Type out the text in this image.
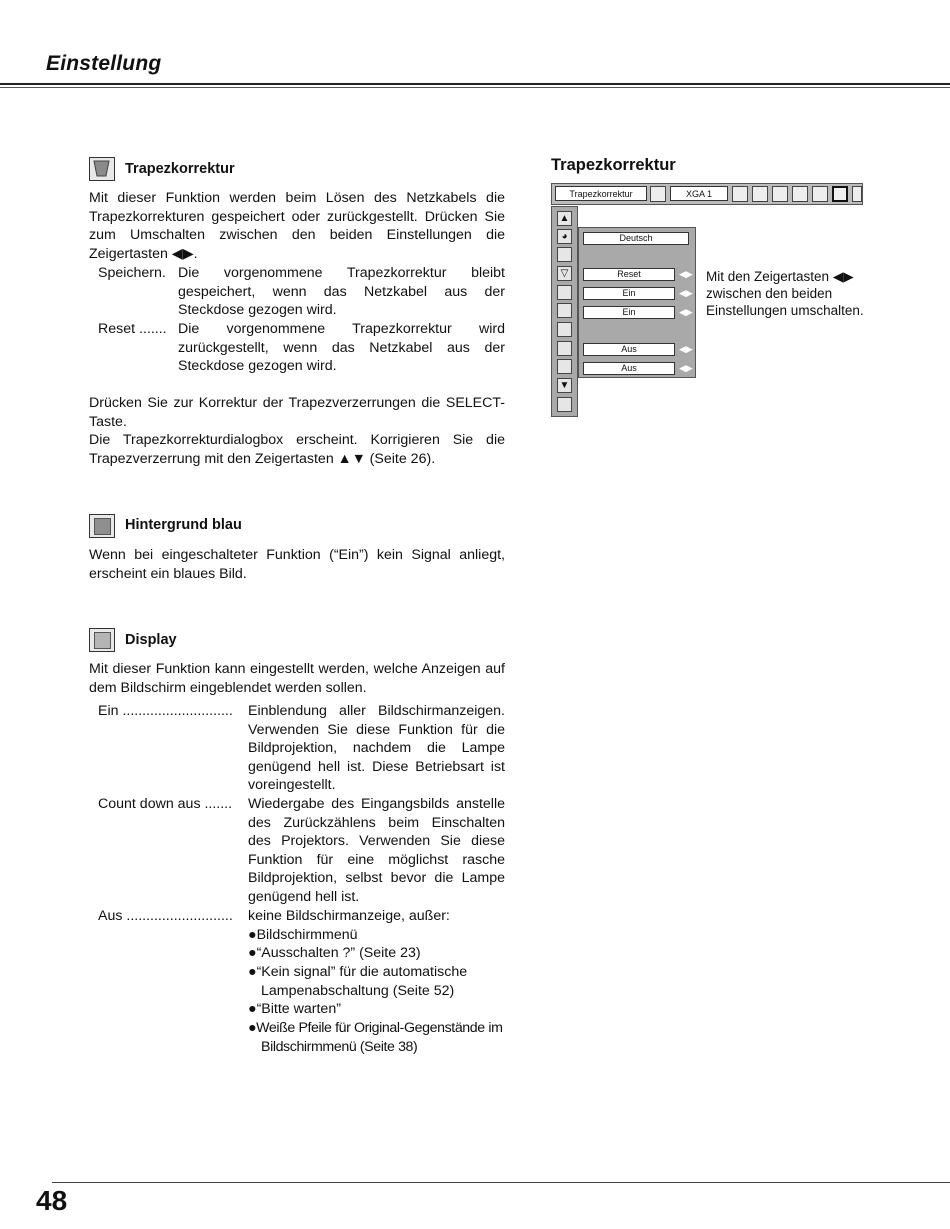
Einstellung
Trapezkorrektur

Mit dieser Funktion werden beim Lösen des Netzkabels die Trapezkorrekturen gespeichert oder zurückgestellt. Drücken Sie zum Umschalten zwischen den beiden Einstellungen die Zeigertasten ◀▶.

Speichern. Die vorgenommene Trapezkorrektur bleibt gespeichert, wenn das Netzkabel aus der Steckdose gezogen wird.
Reset ....... Die vorgenommene Trapezkorrektur wird zurückgestellt, wenn das Netzkabel aus der Steckdose gezogen wird.

Drücken Sie zur Korrektur der Trapezverzerrungen die SELECT-Taste.

Die Trapezkorrekturdialogbox erscheint. Korrigieren Sie die Trapezverzerrung mit den Zeigertasten ▲▼ (Seite 26).

Hintergrund blau

Wenn bei eingeschalteter Funktion (“Ein”) kein Signal anliegt, erscheint ein blaues Bild.

Display

Mit dieser Funktion kann eingestellt werden, welche Anzeigen auf dem Bildschirm eingeblendet werden sollen.

Ein ............................ Einblendung aller Bildschirmanzeigen. Verwenden Sie diese Funktion für die Bildprojektion, nachdem die Lampe genügend hell ist. Diese Betriebsart ist voreingestellt.
Count down aus ....... Wiedergabe des Eingangsbilds anstelle des Zurückzählens beim Einschalten des Projektors. Verwenden Sie diese Funktion für eine möglichst rasche Bildprojektion, selbst bevor die Lampe genügend hell ist.
Aus ........................... keine Bildschirmanzeige, außer:
●Bildschirmmenü
●“Ausschalten ?” (Seite 23)
●“Kein signal” für die automatische Lampenabschaltung (Seite 52)
●“Bitte warten”
●Weiße Pfeile für Original-Gegenstände im Bildschirmmenü (Seite 38)
Trapezkorrektur
Trapezkorrektur	XGA 1
▲
◕
▽
▼
Deutsch
Reset	◀▶
Ein	◀▶
Ein	◀▶
Aus	◀▶
Aus	◀▶
Mit den Zeigertasten ◀▶ zwischen den beiden Einstellungen umschalten.
48
